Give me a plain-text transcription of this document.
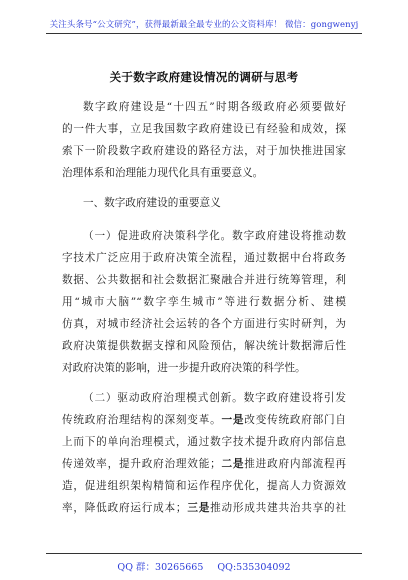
关注头条号“公文研究”，获得最新最全最专业的公文资料库！ 微信：gongwenyj
关于数字政府建设情况的调研与思考
数字政府建设是“十四五”时期各级政府必须要做好
的一件大事，立足我国数字政府建设已有经验和成效，探
索下一阶段数字政府建设的路径方法，对于加快推进国家
治理体系和治理能力现代化具有重要意义。
一、数字政府建设的重要意义
（一）促进政府决策科学化。数字政府建设将推动数
字技术广泛应用于政府决策全流程，通过数据中台将政务
数据、公共数据和社会数据汇聚融合并进行统筹管理，利
用“城市大脑”“数字孪生城市”等进行数据分析、建模
仿真，对城市经济社会运转的各个方面进行实时研判，为
政府决策提供数据支撑和风险预估，解决统计数据滞后性
对政府决策的影响，进一步提升政府决策的科学性。
（二）驱动政府治理模式创新。数字政府建设将引发
传统政府治理结构的深刻变革。一是改变传统政府部门自
上而下的单向治理模式，通过数字技术提升政府内部信息
传递效率，提升政府治理效能；二是推进政府内部流程再
造，促进组织架构精简和运作程序优化，提高人力资源效
率，降低政府运行成本；三是推动形成共建共治共享的社
QQ 群：30265665 QQ:535304092
